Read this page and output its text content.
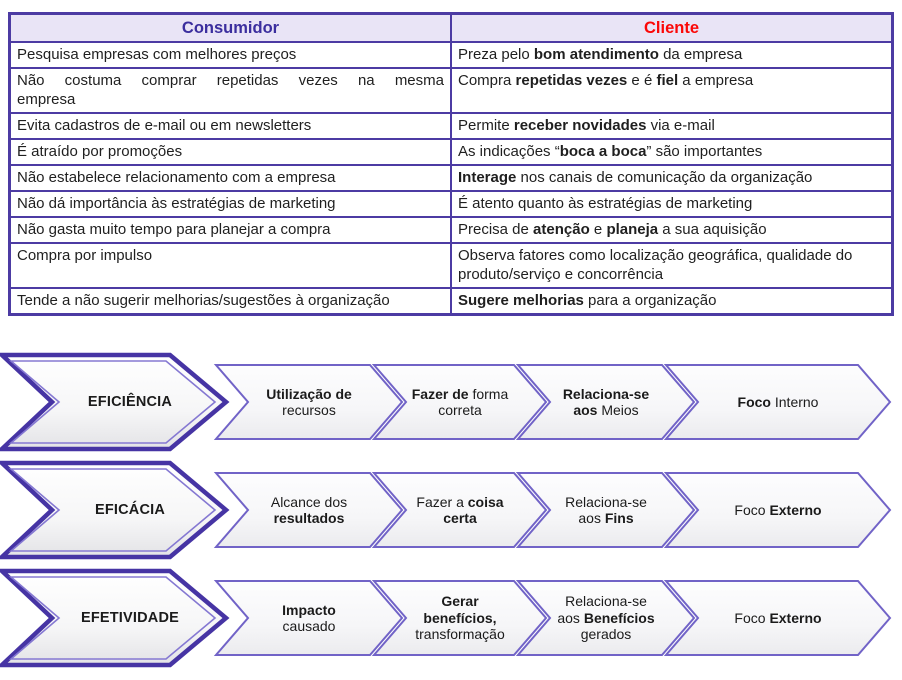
Consumidor	Cliente
Pesquisa empresas com melhores preços	Preza pelo bom atendimento da empresa
Não costuma comprar repetidas vezes na mesma empresa	Compra repetidas vezes e é fiel a empresa
Evita cadastros de e-mail ou em newsletters	Permite receber novidades via e-mail
É atraído por promoções	As indicações “boca a boca” são importantes
Não estabelece relacionamento com a empresa	Interage nos canais de comunicação da organização
Não dá importância às estratégias de marketing	É atento quanto às estratégias de marketing
Não gasta muito tempo para planejar a compra	Precisa de atenção e planeja a sua aquisição
Compra por impulso	Observa fatores como localização geográfica, qualidade do produto/serviço e concorrência
Tende a não sugerir melhorias/sugestões à organização	Sugere melhorias para a organização
EFICIÊNCIA
Utilização de
recursos
Fazer de forma
correta
Relaciona-se
aos Meios
Foco Interno
EFICÁCIA
Alcance dos
resultados
Fazer a coisa
certa
Relaciona-se
aos Fins
Foco Externo
EFETIVIDADE
Impacto
causado
Gerar
benefícios,
transformação
Relaciona-se
aos Benefícios
gerados
Foco Externo
